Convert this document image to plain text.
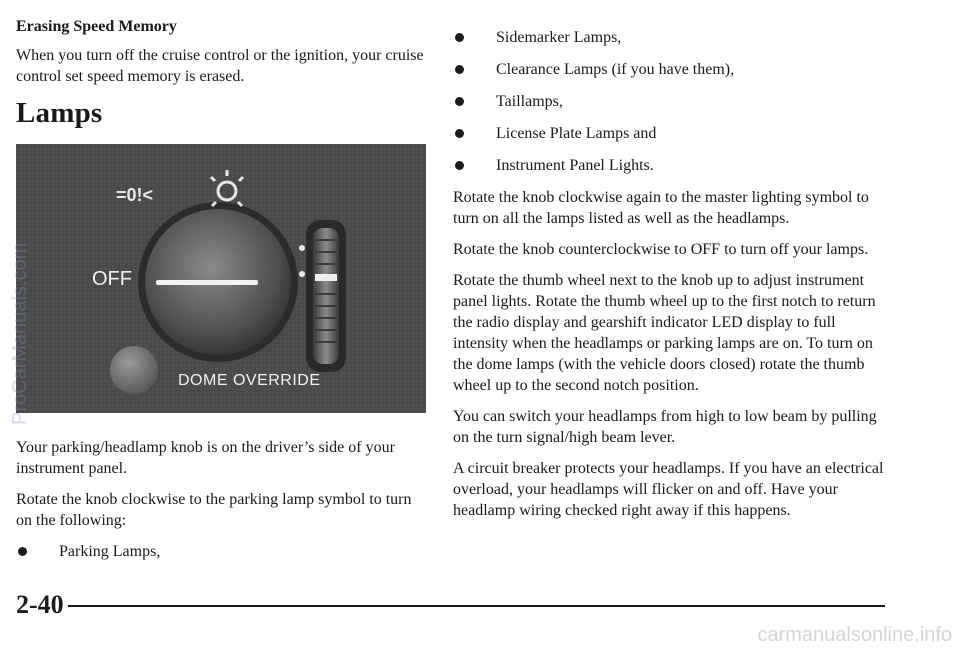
Erasing Speed Memory

When you turn off the cruise control or the ignition, your cruise control set speed memory is erased.

Lamps
=0!<
OFF
DOME OVERRIDE

Your parking/headlamp knob is on the driver’s side of your instrument panel.

Rotate the knob clockwise to the parking lamp symbol to turn on the following:

Parking Lamps,
Sidemarker Lamps,
Clearance Lamps (if you have them),
Taillamps,
License Plate Lamps and
Instrument Panel Lights.

Rotate the knob clockwise again to the master lighting symbol to turn on all the lamps listed as well as the headlamps.

Rotate the knob counterclockwise to OFF to turn off your lamps.

Rotate the thumb wheel next to the knob up to adjust instrument panel lights. Rotate the thumb wheel up to the first notch to return the radio display and gearshift indicator LED display to full intensity when the headlamps or parking lamps are on. To turn on the dome lamps (with the vehicle doors closed) rotate the thumb wheel up to the second notch position.

You can switch your headlamps from high to low beam by pulling on the turn signal/high beam lever.

A circuit breaker protects your headlamps. If you have an electrical overload, your headlamps will flicker on and off. Have your headlamp wiring checked right away if this happens.

ProCarManuals.com
2-40
carmanualsonline.info
